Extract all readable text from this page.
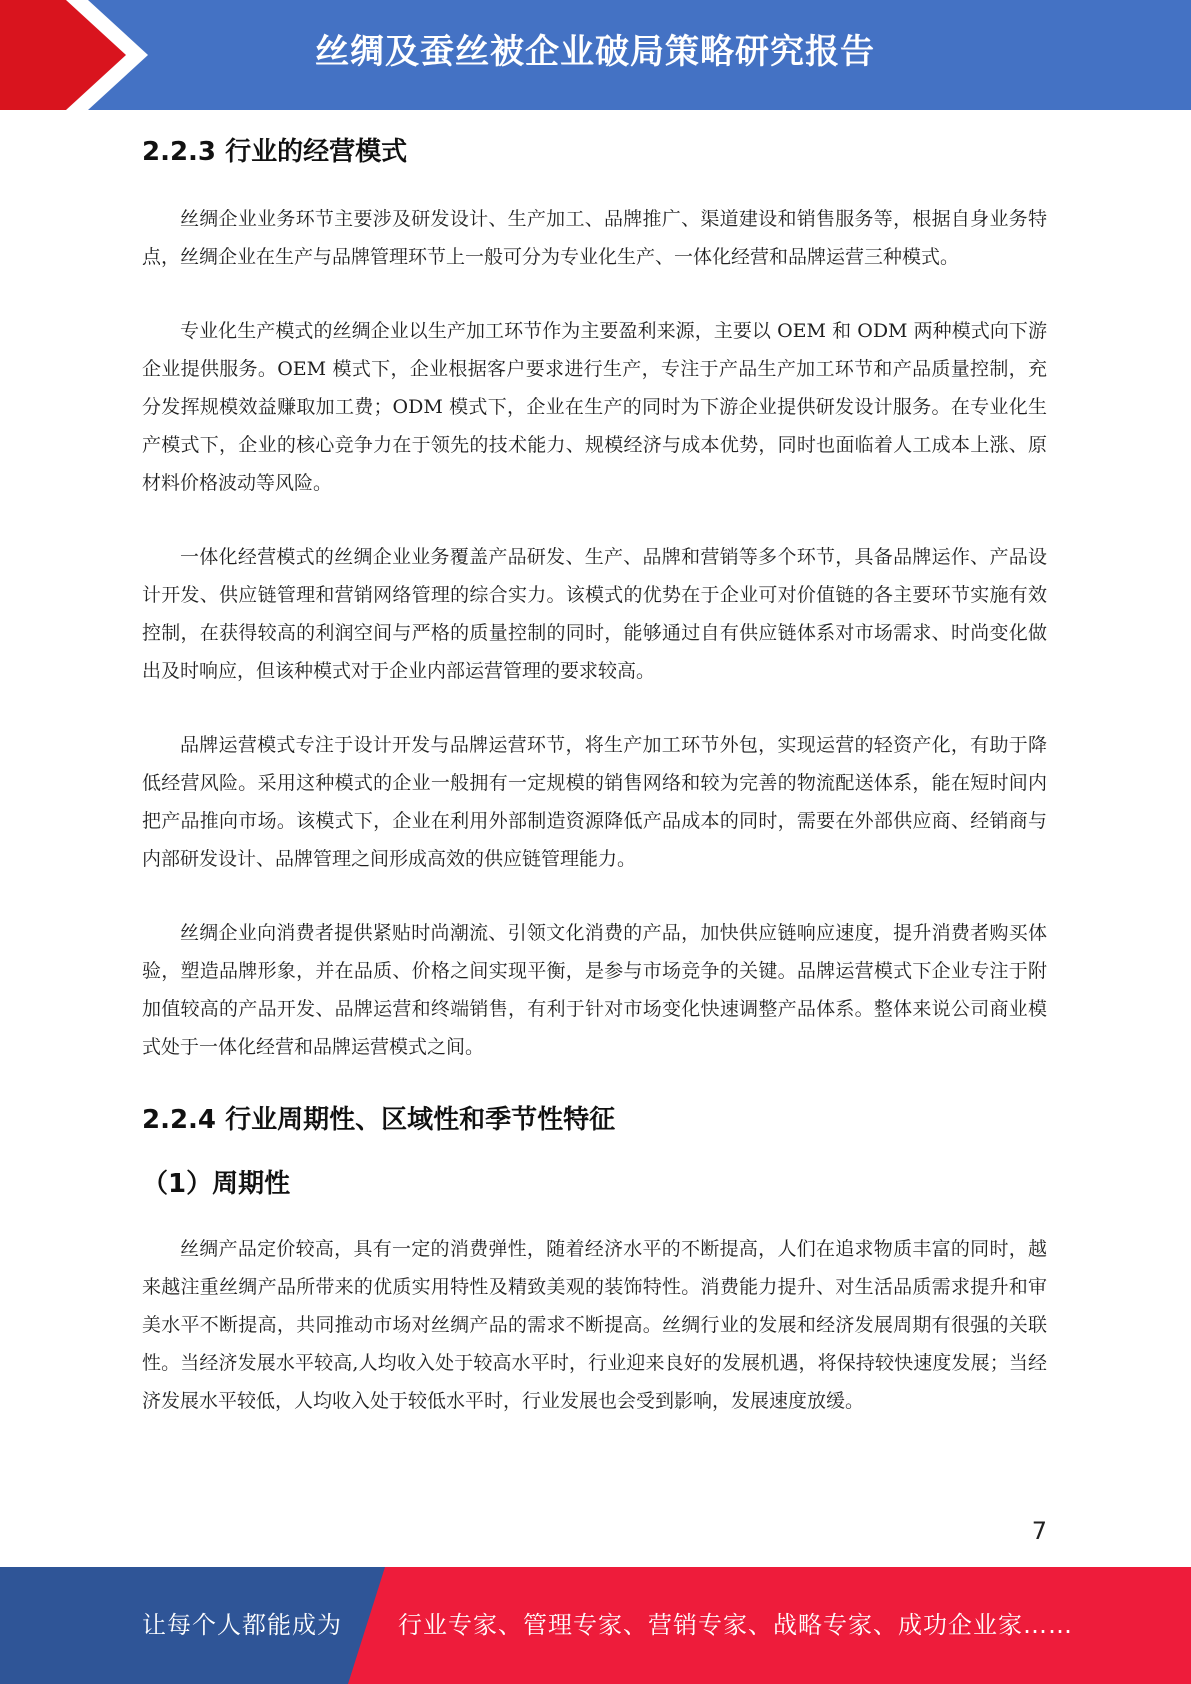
丝绸及蚕丝被企业破局策略研究报告
2.2.3 行业的经营模式

丝绸企业业务环节主要涉及研发设计、生产加工、品牌推广、渠道建设和销售服务等，根据自身业务特点，丝绸企业在生产与品牌管理环节上一般可分为专业化生产、一体化经营和品牌运营三种模式。

专业化生产模式的丝绸企业以生产加工环节作为主要盈利来源，主要以 OEM 和 ODM 两种模式向下游企业提供服务。OEM 模式下，企业根据客户要求进行生产，专注于产品生产加工环节和产品质量控制，充分发挥规模效益赚取加工费；ODM 模式下，企业在生产的同时为下游企业提供研发设计服务。在专业化生产模式下，企业的核心竞争力在于领先的技术能力、规模经济与成本优势，同时也面临着人工成本上涨、原材料价格波动等风险。

一体化经营模式的丝绸企业业务覆盖产品研发、生产、品牌和营销等多个环节，具备品牌运作、产品设计开发、供应链管理和营销网络管理的综合实力。该模式的优势在于企业可对价值链的各主要环节实施有效控制，在获得较高的利润空间与严格的质量控制的同时，能够通过自有供应链体系对市场需求、时尚变化做出及时响应，但该种模式对于企业内部运营管理的要求较高。

品牌运营模式专注于设计开发与品牌运营环节，将生产加工环节外包，实现运营的轻资产化，有助于降低经营风险。采用这种模式的企业一般拥有一定规模的销售网络和较为完善的物流配送体系，能在短时间内把产品推向市场。该模式下，企业在利用外部制造资源降低产品成本的同时，需要在外部供应商、经销商与内部研发设计、品牌管理之间形成高效的供应链管理能力。

丝绸企业向消费者提供紧贴时尚潮流、引领文化消费的产品，加快供应链响应速度，提升消费者购买体验，塑造品牌形象，并在品质、价格之间实现平衡，是参与市场竞争的关键。品牌运营模式下企业专注于附加值较高的产品开发、品牌运营和终端销售，有利于针对市场变化快速调整产品体系。整体来说公司商业模式处于一体化经营和品牌运营模式之间。

2.2.4 行业周期性、区域性和季节性特征
（1）周期性

丝绸产品定价较高，具有一定的消费弹性，随着经济水平的不断提高，人们在追求物质丰富的同时，越来越注重丝绸产品所带来的优质实用特性及精致美观的装饰特性。消费能力提升、对生活品质需求提升和审美水平不断提高，共同推动市场对丝绸产品的需求不断提高。丝绸行业的发展和经济发展周期有很强的关联性。当经济发展水平较高,人均收入处于较高水平时，行业迎来良好的发展机遇，将保持较快速度发展；当经济发展水平较低，人均收入处于较低水平时，行业发展也会受到影响，发展速度放缓。

7
让每个人都能成为 行业专家、管理专家、营销专家、战略专家、成功企业家……
